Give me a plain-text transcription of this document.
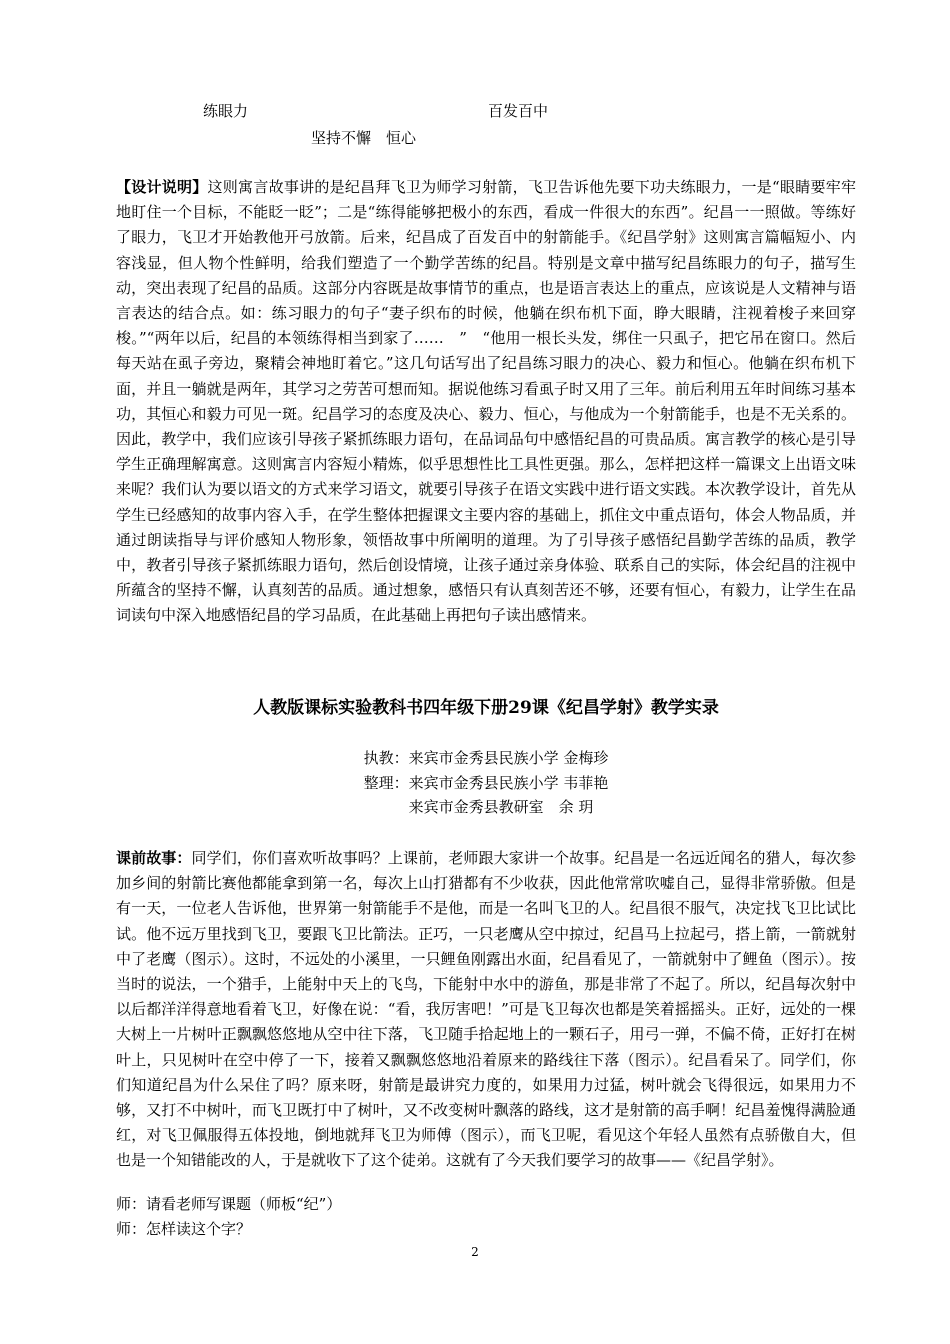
练眼力	百发百中
坚持不懈　恒心

【设计说明】这则寓言故事讲的是纪昌拜飞卫为师学习射箭，飞卫告诉他先要下功夫练眼力，一是“眼睛要牢牢地盯住一个目标，不能眨一眨”；二是“练得能够把极小的东西，看成一件很大的东西”。纪昌一一照做。等练好了眼力，飞卫才开始教他开弓放箭。后来，纪昌成了百发百中的射箭能手。《纪昌学射》这则寓言篇幅短小、内容浅显，但人物个性鲜明，给我们塑造了一个勤学苦练的纪昌。特别是文章中描写纪昌练眼力的句子，描写生动，突出表现了纪昌的品质。这部分内容既是故事情节的重点，也是语言表达上的重点，应该说是人文精神与语言表达的结合点。如：练习眼力的句子“妻子织布的时候，他躺在织布机下面，睁大眼睛，注视着梭子来回穿梭。”“两年以后，纪昌的本领练得相当到家了……　”　“他用一根长头发，绑住一只虱子，把它吊在窗口。然后每天站在虱子旁边，聚精会神地盯着它。”这几句话写出了纪昌练习眼力的决心、毅力和恒心。他躺在织布机下面，并且一躺就是两年，其学习之劳苦可想而知。据说他练习看虱子时又用了三年。前后利用五年时间练习基本功，其恒心和毅力可见一斑。纪昌学习的态度及决心、毅力、恒心，与他成为一个射箭能手，也是不无关系的。因此，教学中，我们应该引导孩子紧抓练眼力语句，在品词品句中感悟纪昌的可贵品质。寓言教学的核心是引导学生正确理解寓意。这则寓言内容短小精炼，似乎思想性比工具性更强。那么，怎样把这样一篇课文上出语文味来呢？我们认为要以语文的方式来学习语文，就要引导孩子在语文实践中进行语文实践。本次教学设计，首先从学生已经感知的故事内容入手，在学生整体把握课文主要内容的基础上，抓住文中重点语句，体会人物品质，并通过朗读指导与评价感知人物形象，领悟故事中所阐明的道理。为了引导孩子感悟纪昌勤学苦练的品质，教学中，教者引导孩子紧抓练眼力语句，然后创设情境，让孩子通过亲身体验、联系自己的实际，体会纪昌的注视中所蕴含的坚持不懈，认真刻苦的品质。通过想象，感悟只有认真刻苦还不够，还要有恒心，有毅力，让学生在品词读句中深入地感悟纪昌的学习品质，在此基础上再把句子读出感情来。

人教版课标实验教科书四年级下册29课《纪昌学射》教学实录
执教：来宾市金秀县民族小学 金梅珍
整理：来宾市金秀县民族小学 韦菲艳
　　来宾市金秀县教研室　余 玥

课前故事：同学们，你们喜欢听故事吗？上课前，老师跟大家讲一个故事。纪昌是一名远近闻名的猎人，每次参加乡间的射箭比赛他都能拿到第一名，每次上山打猎都有不少收获，因此他常常吹嘘自己，显得非常骄傲。但是有一天，一位老人告诉他，世界第一射箭能手不是他，而是一名叫飞卫的人。纪昌很不服气，决定找飞卫比试比试。他不远万里找到飞卫，要跟飞卫比箭法。正巧，一只老鹰从空中掠过，纪昌马上拉起弓，搭上箭，一箭就射中了老鹰（图示）。这时，不远处的小溪里，一只鲤鱼刚露出水面，纪昌看见了，一箭就射中了鲤鱼（图示）。按当时的说法，一个猎手，上能射中天上的飞鸟，下能射中水中的游鱼，那是非常了不起了。所以，纪昌每次射中以后都洋洋得意地看着飞卫，好像在说：“看，我厉害吧！”可是飞卫每次也都是笑着摇摇头。正好，远处的一棵大树上一片树叶正飘飘悠悠地从空中往下落，飞卫随手拾起地上的一颗石子，用弓一弹，不偏不倚，正好打在树叶上，只见树叶在空中停了一下，接着又飘飘悠悠地沿着原来的路线往下落（图示）。纪昌看呆了。同学们，你们知道纪昌为什么呆住了吗？原来呀，射箭是最讲究力度的，如果用力过猛，树叶就会飞得很远，如果用力不够，又打不中树叶，而飞卫既打中了树叶，又不改变树叶飘落的路线，这才是射箭的高手啊！纪昌羞愧得满脸通红，对飞卫佩服得五体投地，倒地就拜飞卫为师傅（图示），而飞卫呢，看见这个年轻人虽然有点骄傲自大，但也是一个知错能改的人，于是就收下了这个徒弟。这就有了今天我们要学习的故事——《纪昌学射》。

师：请看老师写课题（师板“纪”）
师：怎样读这个字？
2
